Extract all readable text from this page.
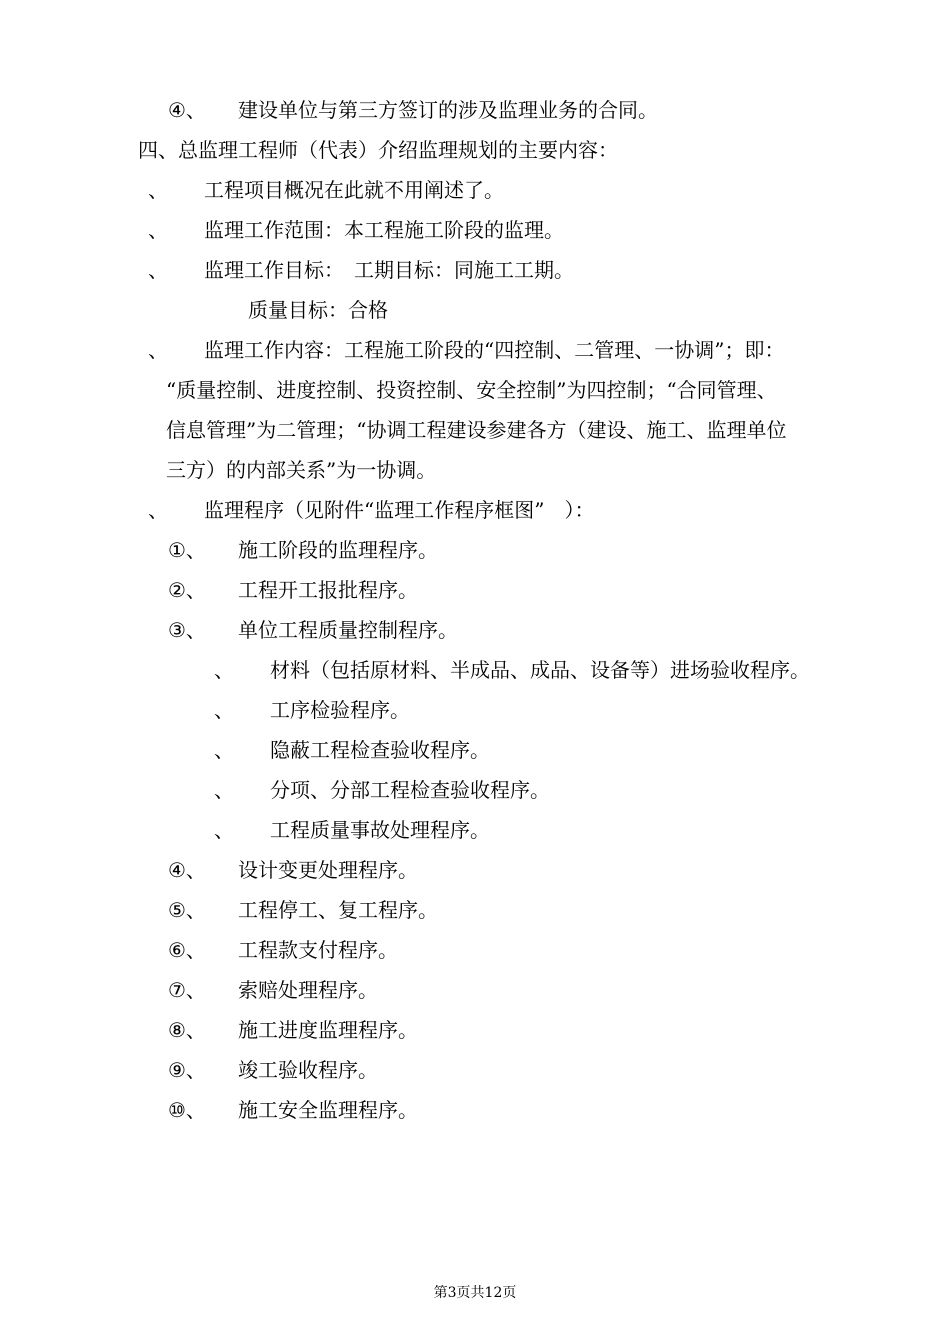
④、 建设单位与第三方签订的涉及监理业务的合同。
四、总监理工程师（代表）介绍监理规划的主要内容：
、 工程项目概况在此就不用阐述了。
、 监理工作范围：本工程施工阶段的监理。
、 监理工作目标：　工期目标：同施工工期。
质量目标：合格
、 监理工作内容：工程施工阶段的“四控制、二管理、一协调”；即：
“质量控制、进度控制、投资控制、安全控制”为四控制；“合同管理、
信息管理”为二管理；“协调工程建设参建各方（建设、施工、监理单位
三方）的内部关系”为一协调。
、 监理程序（见附件“监理工作程序框图”　）：
①、 施工阶段的监理程序。
②、 工程开工报批程序。
③、 单位工程质量控制程序。
、 材料（包括原材料、半成品、成品、设备等）进场验收程序。
、 工序检验程序。
、 隐蔽工程检查验收程序。
、 分项、分部工程检查验收程序。
、 工程质量事故处理程序。
④、 设计变更处理程序。
⑤、 工程停工、复工程序。
⑥、 工程款支付程序。
⑦、 索赔处理程序。
⑧、 施工进度监理程序。
⑨、 竣工验收程序。
⑩、 施工安全监理程序。
第3页共12页
